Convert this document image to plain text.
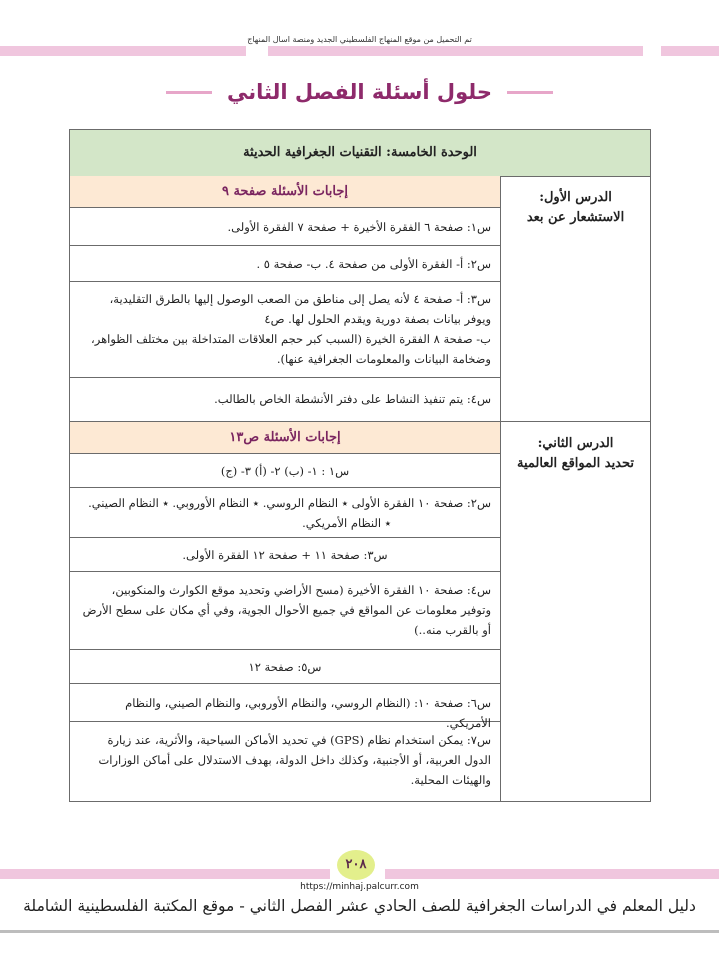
تم التحميل من موقع المنهاج الفلسطيني الجديد ومنصة اسال المنهاج
حلول أسئلة الفصل الثاني
الوحدة الخامسة: التقنيات الجغرافية الحديثة
الدرس الأول:
الاستشعار عن بعد
إجابات الأسئلة صفحة ٩
س١: صفحة ٦ الفقرة الأخيرة + صفحة ٧ الفقرة الأولى.
س٢: أ- الفقرة الأولى من صفحة ٤. ب- صفحة ٥ .
س٣: أ- صفحة ٤ لأنه يصل إلى مناطق من الصعب الوصول إليها بالطرق التقليدية،
ويوفر بيانات بصفة دورية ويقدم الحلول لها. ص٤
ب- صفحة ٨ الفقرة الخيرة (السبب كبر حجم العلاقات المتداخلة بين مختلف الظواهر،
وضخامة البيانات والمعلومات الجغرافية عنها).
س٤: يتم تنفيذ النشاط على دفتر الأنشطة الخاص بالطالب.
الدرس الثاني:
تحديد المواقع العالمية
إجابات الأسئلة ص١٣
س١ : ١- (ب) ٢- (أ) ٣- (ج)
س٢: صفحة ١٠ الفقرة الأولى ٭ النظام الروسي. ٭ النظام الأوروبي. ٭ النظام الصيني.
٭ النظام الأمريكي.
س٣: صفحة ١١ + صفحة ١٢ الفقرة الأولى.
س٤: صفحة ١٠ الفقرة الأخيرة (مسح الأراضي وتحديد موقع الكوارث والمنكوبين،
وتوفير معلومات عن المواقع في جميع الأحوال الجوية، وفي أي مكان على سطح الأرض
أو بالقرب منه..)
س٥: صفحة ١٢
س٦: صفحة ١٠: (النظام الروسي، والنظام الأوروبي، والنظام الصيني، والنظام الأمريكي.
س٧: يمكن استخدام نظام (GPS) في تحديد الأماكن السياحية، والأثرية، عند زيارة
الدول العربية، أو الأجنبية، وكذلك داخل الدولة، بهدف الاستدلال على أماكن الوزارات
والهيئات المحلية.
٢٠٨
https://minhaj.palcurr.com
دليل المعلم في الدراسات الجغرافية للصف الحادي عشر الفصل الثاني - موقع المكتبة الفلسطينية الشاملة
